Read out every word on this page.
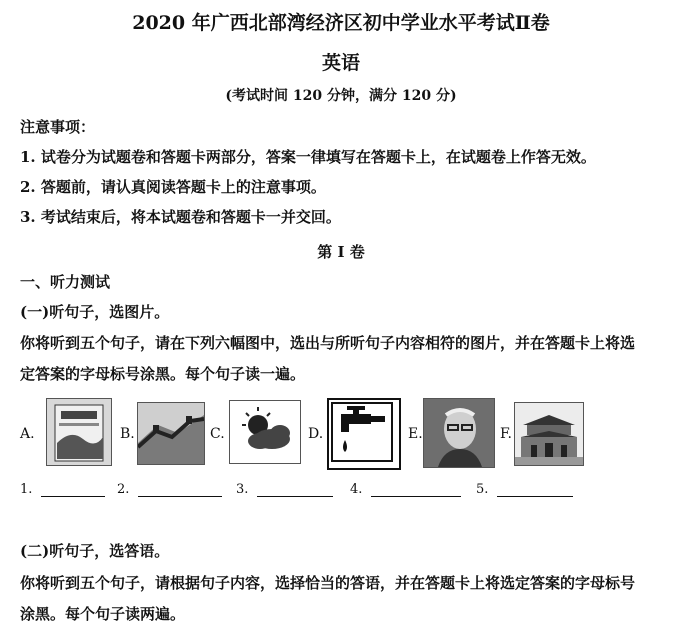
2020 年广西北部湾经济区初中学业水平考试Ⅱ卷
英语
(考试时间 120 分钟，满分 120 分)
注意事项：
1. 试卷分为试题卷和答题卡两部分，答案一律填写在答题卡上，在试题卷上作答无效。
2. 答题前，请认真阅读答题卡上的注意事项。
3. 考试结束后，将本试题卷和答题卡一并交回。
第 I 卷
一、听力测试
(一)听句子，选图片。
你将听到五个句子，请在下列六幅图中，选出与所听句子内容相符的图片，并在答题卡上将选
定答案的字母标号涂黑。每个句子读一遍。
A.	B.	C.	D.	E.	F.
1.	2.	3.	4.	5.
(二)听句子，选答语。
你将听到五个句子，请根据句子内容，选择恰当的答语，并在答题卡上将选定答案的字母标号
涂黑。每个句子读两遍。
